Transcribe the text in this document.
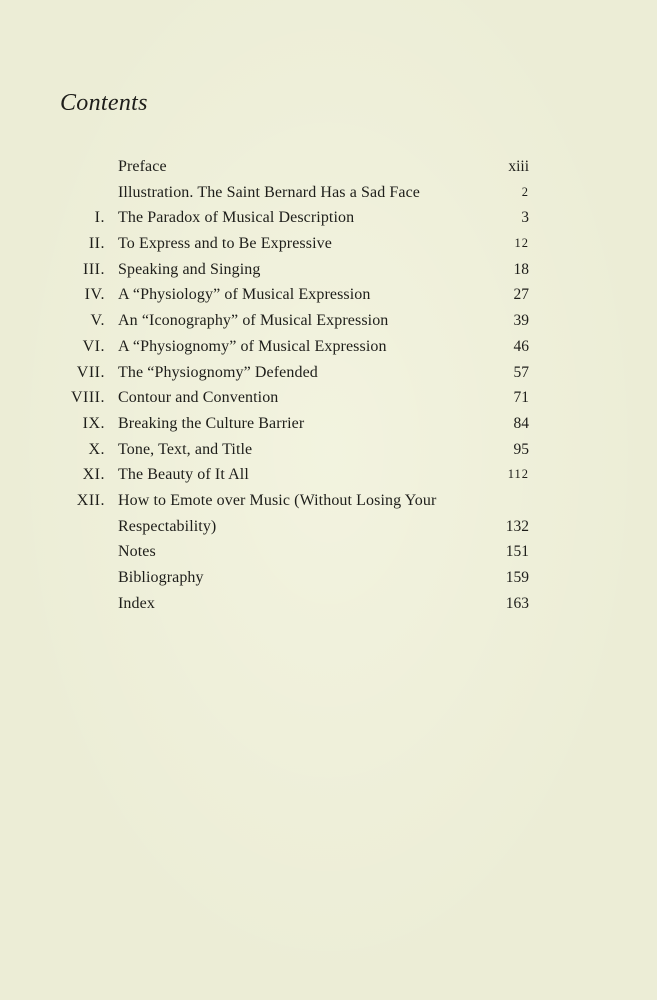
Contents
Preface	xiii
Illustration. The Saint Bernard Has a Sad Face	2
I. The Paradox of Musical Description	3
II. To Express and to Be Expressive	12
III. Speaking and Singing	18
IV. A “Physiology” of Musical Expression	27
V. An “Iconography” of Musical Expression	39
VI. A “Physiognomy” of Musical Expression	46
VII. The “Physiognomy” Defended	57
VIII. Contour and Convention	71
IX. Breaking the Culture Barrier	84
X. Tone, Text, and Title	95
XI. The Beauty of It All	112
XII. How to Emote over Music (Without Losing Your
Respectability)	132
Notes	151
Bibliography	159
Index	163
